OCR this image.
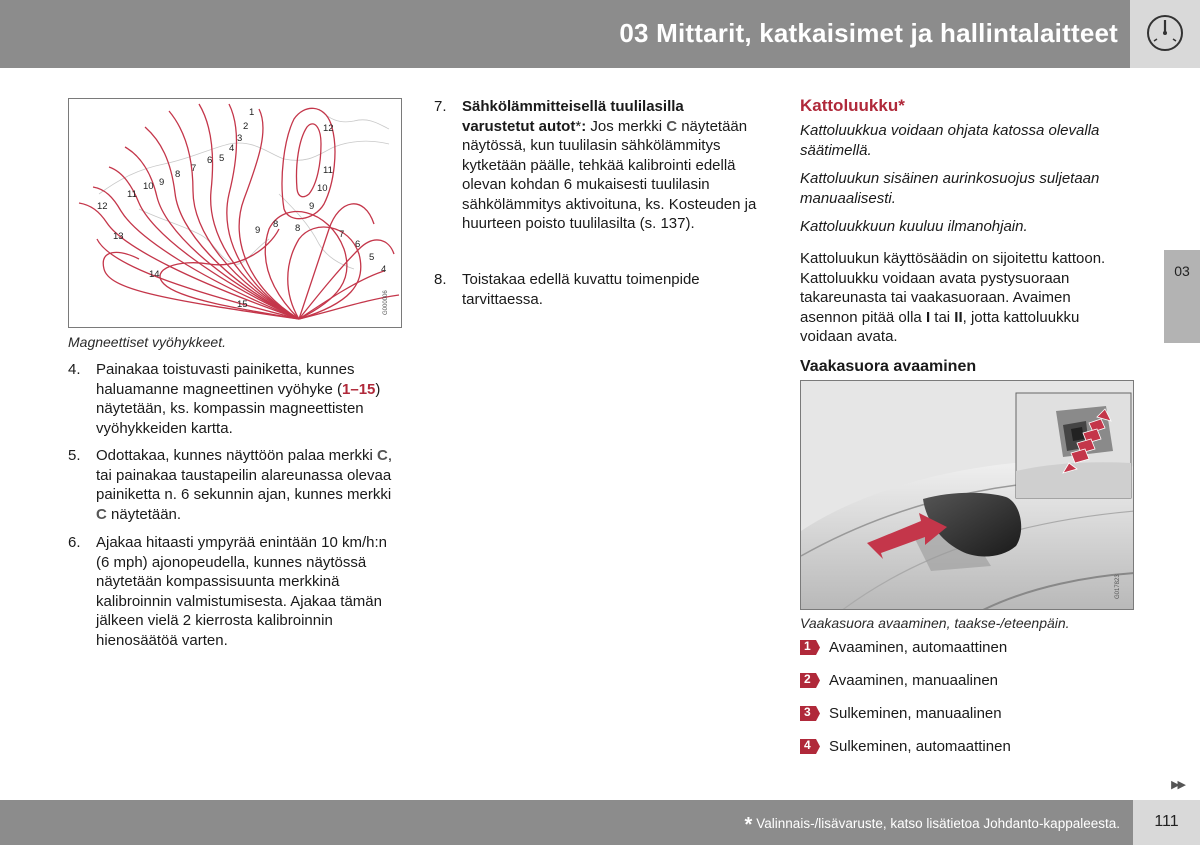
03 Mittarit, katkaisimet ja hallintalaitteet
03
1
2
3
4
5
6
7
8
9
10
11
12
13
14
15
12
11
10
9
8
7
6
5
4
9
8
G000006
Magneettiset vyöhykkeet.
4.	Painakaa toistuvasti painiketta, kunnes haluamanne magneettinen vyöhyke (1–15) näytetään, ks. kompassin magneettisten vyöhykkeiden kartta.
5.	Odottakaa, kunnes näyttöön palaa merkki C, tai painakaa taustapeilin alareunassa olevaa painiketta n. 6 sekunnin ajan, kunnes merkki C näytetään.
6.	Ajakaa hitaasti ympyrää enintään 10 km/h:n (6 mph) ajonopeudella, kunnes näytössä näytetään kompassisuunta merkkinä kalibroinnin valmistumisesta. Ajakaa tämän jälkeen vielä 2 kierrosta kalibroinnin hienosäätöä varten.
7.	Sähkölämmitteisellä tuulilasilla varustetut autot*: Jos merkki C näytetään näytössä, kun tuulilasin sähkölämmitys kytketään päälle, tehkää kalibrointi edellä olevan kohdan 6 mukaisesti tuulilasin sähkölämmitys aktivoituna, ks. Kosteuden ja huurteen poisto tuulilasilta (s. 137).
8.	Toistakaa edellä kuvattu toimenpide tarvittaessa.
Kattoluukku*
Kattoluukkua voidaan ohjata katossa olevalla säätimellä.
Kattoluukun sisäinen aurinkosuojus suljetaan manuaalisesti.
Kattoluukkuun kuuluu ilmanohjain.
Kattoluukun käyttösäädin on sijoitettu kattoon. Kattoluukku voidaan avata pystysuoraan takareunasta tai vaakasuoraan. Avaimen asennon pitää olla I tai II, jotta kattoluukku voidaan avata.
Vaakasuora avaaminen
G017823
Vaakasuora avaaminen, taakse-/eteenpäin.
1 Avaaminen, automaattinen
2 Avaaminen, manuaalinen
3 Sulkeminen, manuaalinen
4 Sulkeminen, automaattinen
▶▶
* Valinnais-/lisävaruste, katso lisätietoa Johdanto-kappaleesta.	111
